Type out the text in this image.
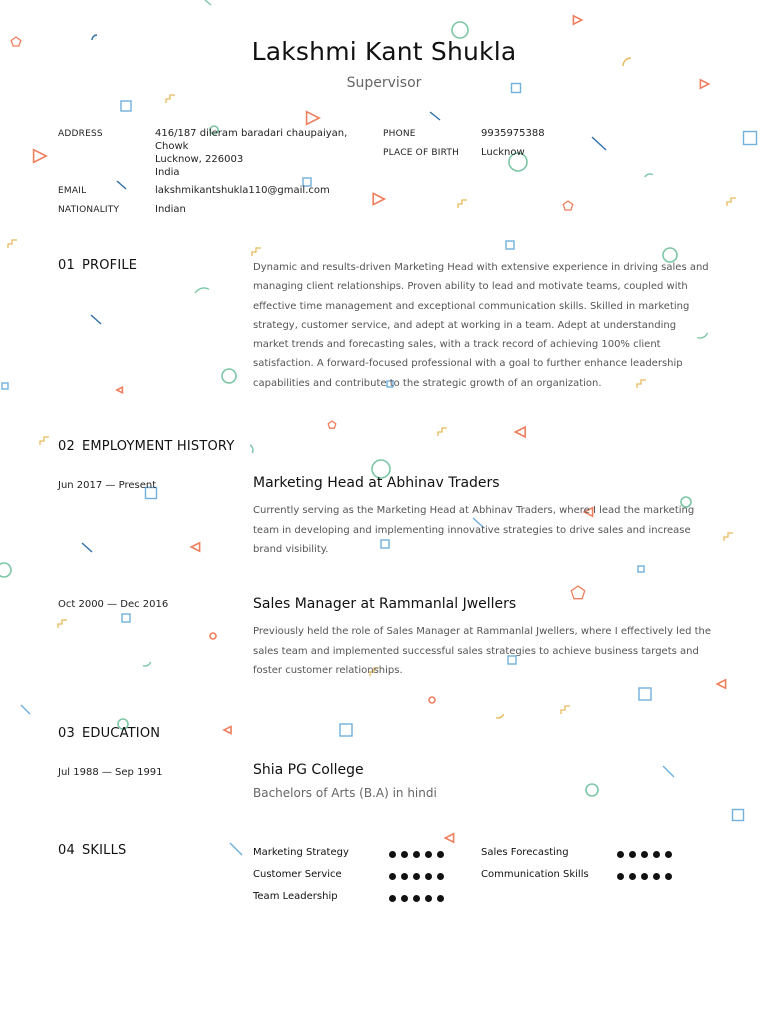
Lakshmi Kant Shukla
Supervisor
ADDRESS	416/187 dileram baradari chaupaiyan,
Chowk
Lucknow, 226003
India
EMAIL	lakshmikantshukla110@gmail.com
NATIONALITY	Indian
PHONE	9935975388
PLACE OF BIRTH Lucknow
01 PROFILE	Dynamic and results-driven Marketing Head with extensive experience in driving sales and managing client relationships. Proven ability to lead and motivate teams, coupled with effective time management and exceptional communication skills. Skilled in marketing strategy, customer service, and adept at working in a team. Adept at understanding market trends and forecasting sales, with a track record of achieving 100% client satisfaction. A forward-focused professional with a goal to further enhance leadership capabilities and contribute to the strategic growth of an organization.
02 EMPLOYMENT HISTORY
Jun 2017 — Present	Marketing Head at Abhinav Traders
Currently serving as the Marketing Head at Abhinav Traders, where I lead the marketing team in developing and implementing innovative strategies to drive sales and increase brand visibility.
Oct 2000 — Dec 2016	Sales Manager at Rammanlal Jwellers
Previously held the role of Sales Manager at Rammanlal Jwellers, where I effectively led the sales team and implemented successful sales strategies to achieve business targets and foster customer relationships.
03 EDUCATION
Jul 1988 — Sep 1991	Shia PG College
Bachelors of Arts (B.A) in hindi
04 SKILLS	Marketing Strategy	Sales Forecasting
Customer Service	Communication Skills
Team Leadership
